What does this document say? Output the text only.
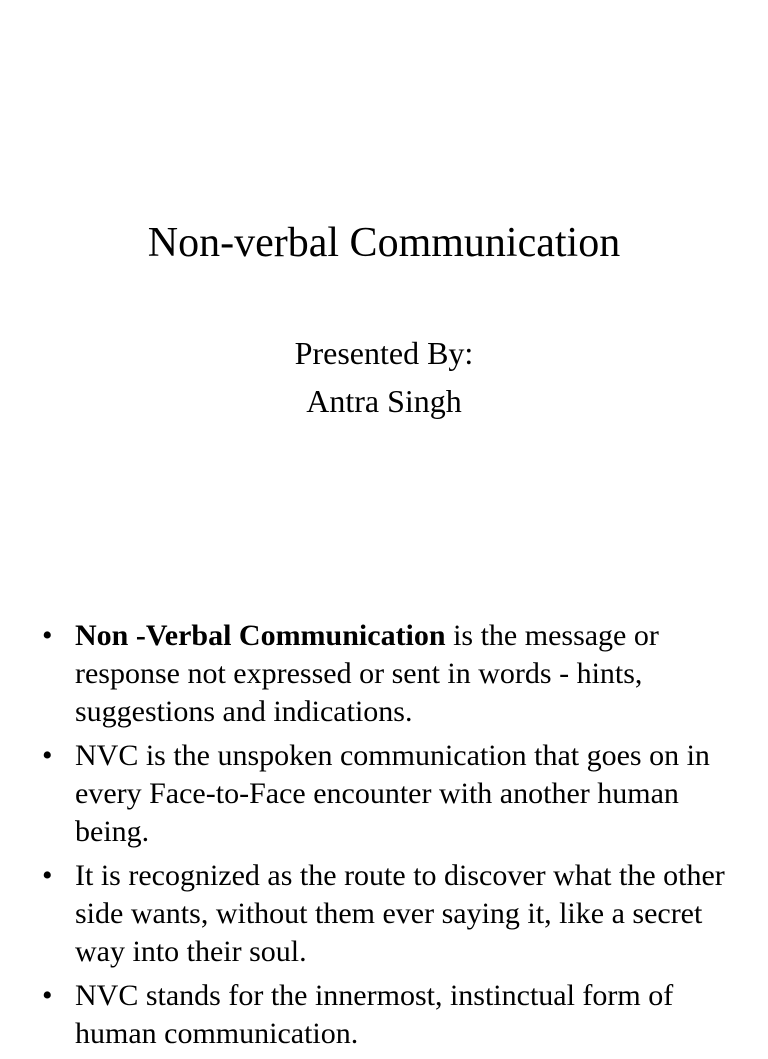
Non-verbal Communication
Presented By:
Antra Singh
• Non -Verbal Communication is the message or response not expressed or sent in words - hints, suggestions and indications.
• NVC is the unspoken communication that goes on in every Face-to-Face encounter with another human being.
• It is recognized as the route to discover what the other side wants, without them ever saying it, like a secret way into their soul.
• NVC stands for the innermost, instinctual form of human communication.
